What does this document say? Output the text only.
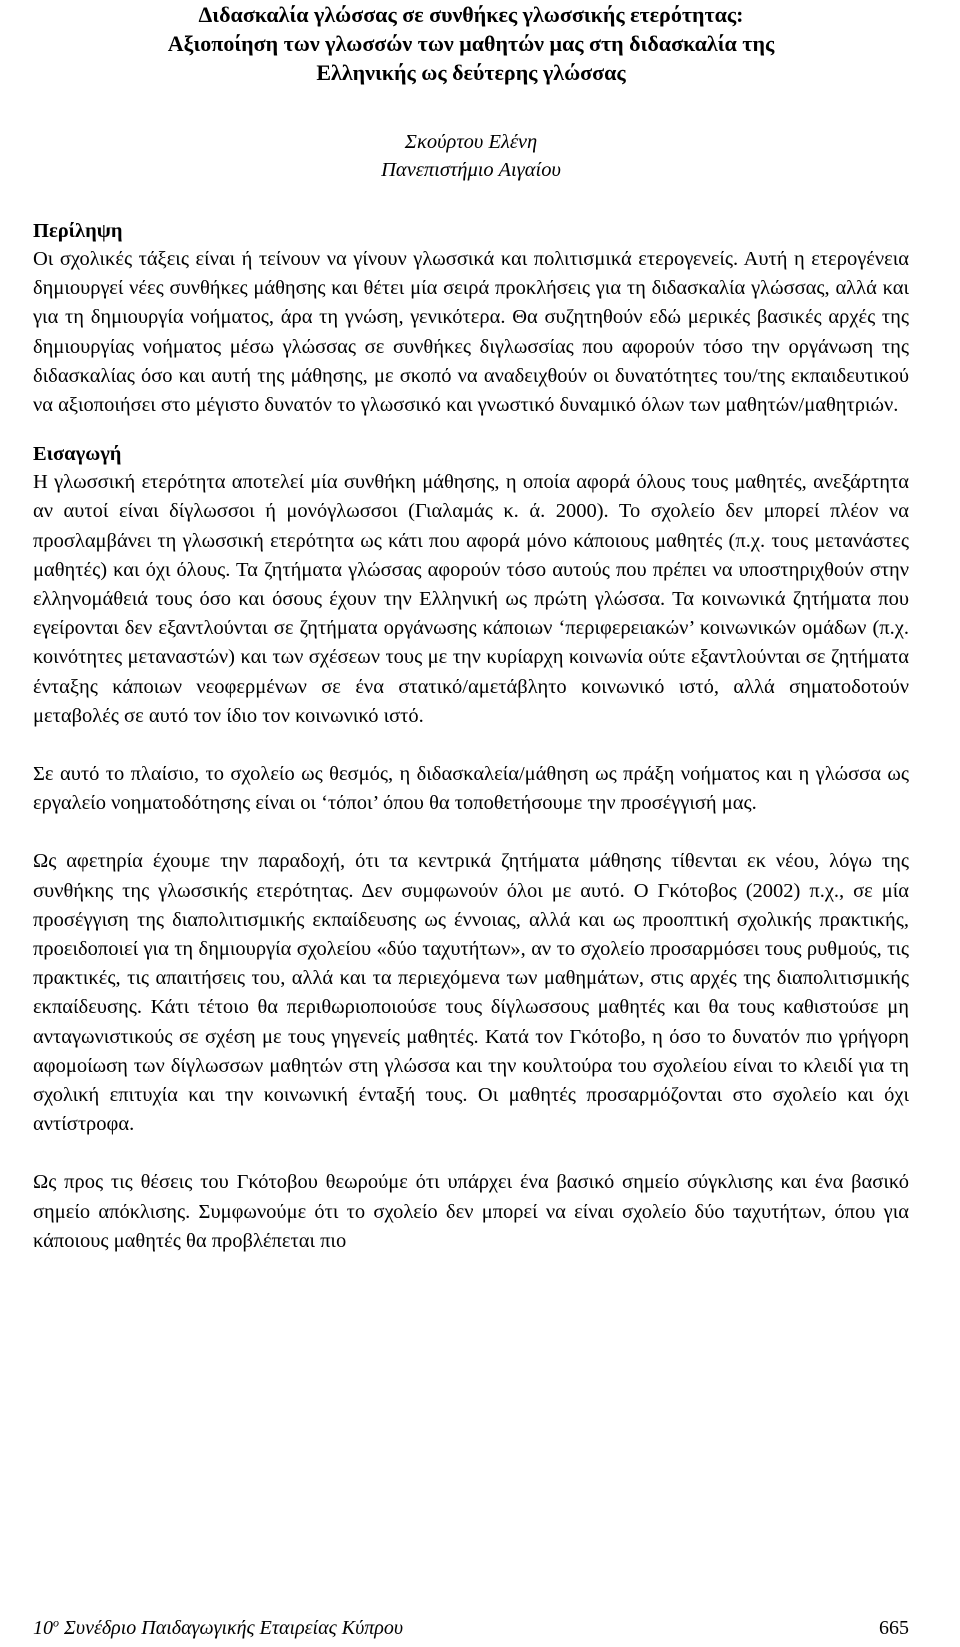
Διδασκαλία γλώσσας σε συνθήκες γλωσσικής ετερότητας:
Αξιοποίηση των γλωσσών των μαθητών μας στη διδασκαλία της
Ελληνικής ως δεύτερης γλώσσας
Σκούρτου Ελένη
Πανεπιστήμιο Αιγαίου
Περίληψη

Οι σχολικές τάξεις είναι ή τείνουν να γίνουν γλωσσικά και πολιτισμικά ετερογενείς. Αυτή η ετερογένεια δημιουργεί νέες συνθήκες μάθησης και θέτει μία σειρά προκλήσεις για τη διδασκαλία γλώσσας, αλλά και για τη δημιουργία νοήματος, άρα τη γνώση, γενικότερα. Θα συζητηθούν εδώ μερικές βασικές αρχές της δημιουργίας νοήματος μέσω γλώσσας σε συνθήκες διγλωσσίας που αφορούν τόσο την οργάνωση της διδασκαλίας όσο και αυτή της μάθησης, με σκοπό να αναδειχθούν οι δυνατότητες του/της εκπαιδευτικού να αξιοποιήσει στο μέγιστο δυνατόν το γλωσσικό και γνωστικό δυναμικό όλων των μαθητών/μαθητριών.

Εισαγωγή

Η γλωσσική ετερότητα αποτελεί μία συνθήκη μάθησης, η οποία αφορά όλους τους μαθητές, ανεξάρτητα αν αυτοί είναι δίγλωσσοι ή μονόγλωσσοι (Γιαλαμάς κ. ά. 2000). Το σχολείο δεν μπορεί πλέον να προσλαμβάνει τη γλωσσική ετερότητα ως κάτι που αφορά μόνο κάποιους μαθητές (π.χ. τους μετανάστες μαθητές) και όχι όλους. Τα ζητήματα γλώσσας αφορούν τόσο αυτούς που πρέπει να υποστηριχθούν στην ελληνομάθειά τους όσο και όσους έχουν την Ελληνική ως πρώτη γλώσσα. Τα κοινωνικά ζητήματα που εγείρονται δεν εξαντλούνται σε ζητήματα οργάνωσης κάποιων ‘περιφερειακών’ κοινωνικών ομάδων (π.χ. κοινότητες μεταναστών) και των σχέσεων τους με την κυρίαρχη κοινωνία ούτε εξαντλούνται σε ζητήματα ένταξης κάποιων νεοφερμένων σε ένα στατικό/αμετάβλητο κοινωνικό ιστό, αλλά σηματοδοτούν μεταβολές σε αυτό τον ίδιο τον κοινωνικό ιστό.

Σε αυτό το πλαίσιο, το σχολείο ως θεσμός, η διδασκαλεία/μάθηση ως πράξη νοήματος και η γλώσσα ως εργαλείο νοηματοδότησης είναι οι ‘τόποι’ όπου θα τοποθετήσουμε την προσέγγισή μας.

Ως αφετηρία έχουμε την παραδοχή, ότι τα κεντρικά ζητήματα μάθησης τίθενται εκ νέου, λόγω της συνθήκης της γλωσσικής ετερότητας. Δεν συμφωνούν όλοι με αυτό. Ο Γκότοβος (2002) π.χ., σε μία προσέγγιση της διαπολιτισμικής εκπαίδευσης ως έννοιας, αλλά και ως προοπτική σχολικής πρακτικής, προειδοποιεί για τη δημιουργία σχολείου «δύο ταχυτήτων», αν το σχολείο προσαρμόσει τους ρυθμούς, τις πρακτικές, τις απαιτήσεις του, αλλά και τα περιεχόμενα των μαθημάτων, στις αρχές της διαπολιτισμικής εκπαίδευσης. Κάτι τέτοιο θα περιθωριοποιούσε τους δίγλωσσους μαθητές και θα τους καθιστούσε μη ανταγωνιστικούς σε σχέση με τους γηγενείς μαθητές. Κατά τον Γκότοβο, η όσο το δυνατόν πιο γρήγορη αφομοίωση των δίγλωσσων μαθητών στη γλώσσα και την κουλτούρα του σχολείου είναι το κλειδί για τη σχολική επιτυχία και την κοινωνική ένταξή τους. Οι μαθητές προσαρμόζονται στο σχολείο και όχι αντίστροφα.

Ως προς τις θέσεις του Γκότοβου θεωρούμε ότι υπάρχει ένα βασικό σημείο σύγκλισης και ένα βασικό σημείο απόκλισης. Συμφωνούμε ότι το σχολείο δεν μπορεί να είναι σχολείο δύο ταχυτήτων, όπου για κάποιους μαθητές θα προβλέπεται πιο

$10^o$ Συνέδριο Παιδαγωγικής Εταιρείας Κύπρου	665
